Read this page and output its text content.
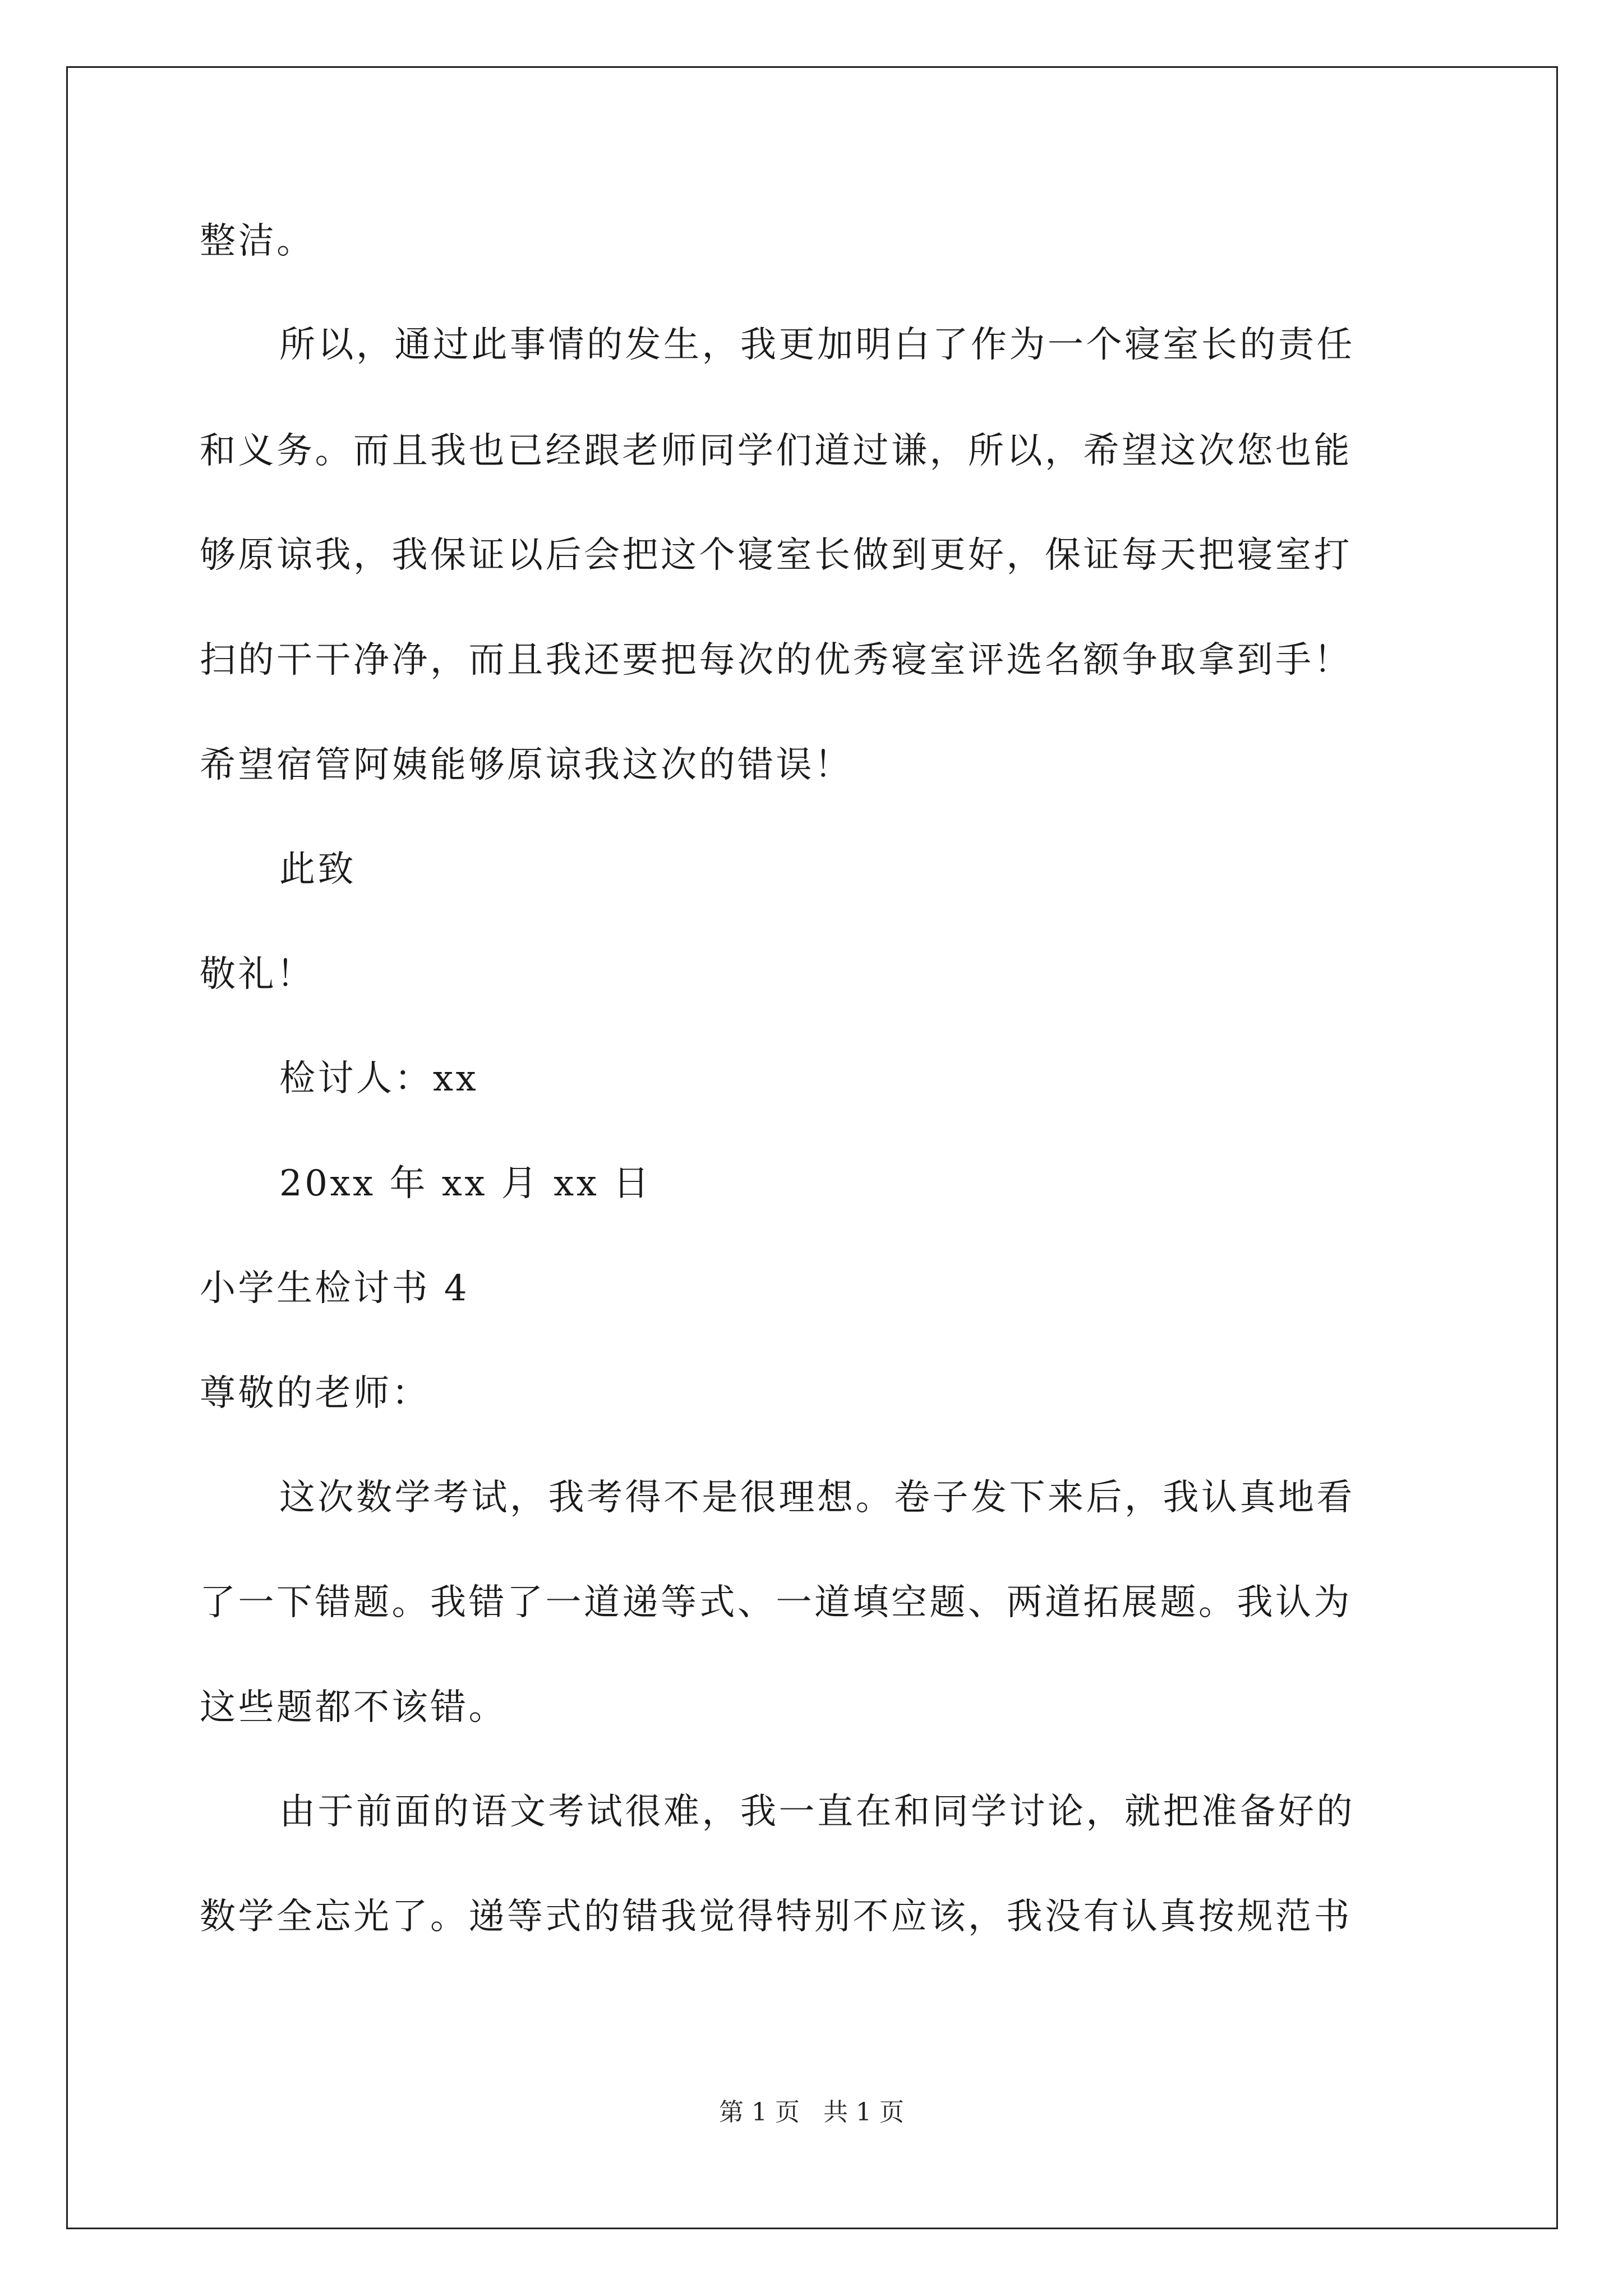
整洁。
所以，通过此事情的发生，我更加明白了作为一个寝室长的责任
和义务。而且我也已经跟老师同学们道过谦，所以，希望这次您也能
够原谅我，我保证以后会把这个寝室长做到更好，保证每天把寝室打
扫的干干净净，而且我还要把每次的优秀寝室评选名额争取拿到手！
希望宿管阿姨能够原谅我这次的错误！
此致
敬礼！
检讨人：xx
20xx 年 xx 月 xx 日
小学生检讨书 4
尊敬的老师：
这次数学考试，我考得不是很理想。卷子发下来后，我认真地看
了一下错题。我错了一道递等式、一道填空题、两道拓展题。我认为
这些题都不该错。
由于前面的语文考试很难，我一直在和同学讨论，就把准备好的
数学全忘光了。递等式的错我觉得特别不应该，我没有认真按规范书
第 1 页   共 1 页
